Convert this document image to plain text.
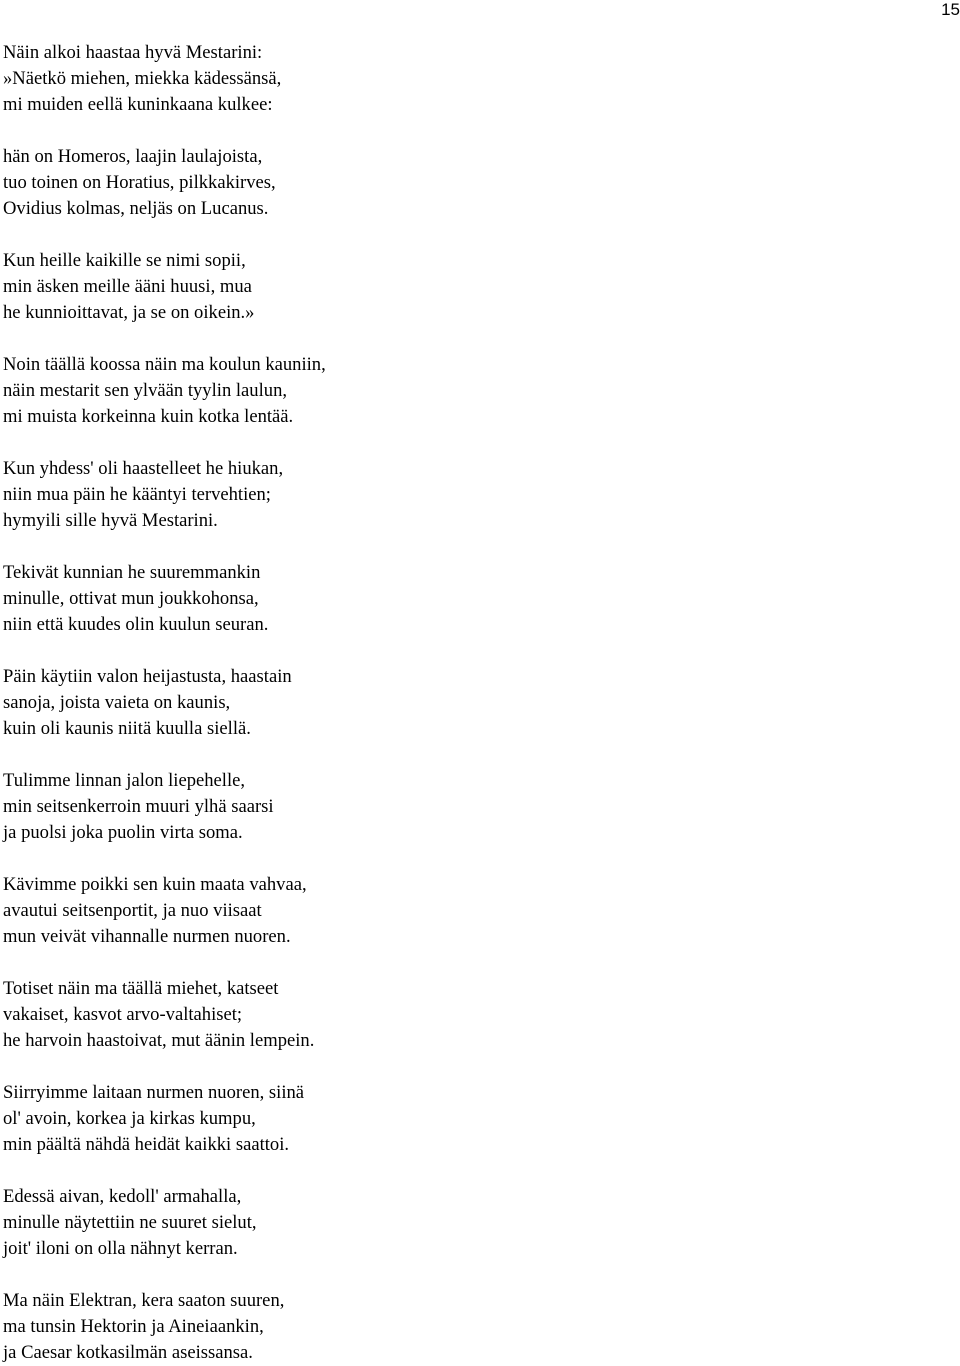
15
Näin alkoi haastaa hyvä Mestarini:
»Näetkö miehen, miekka kädessänsä,
mi muiden eellä kuninkaana kulkee:
hän on Homeros, laajin laulajoista,
tuo toinen on Horatius, pilkkakirves,
Ovidius kolmas, neljäs on Lucanus.
Kun heille kaikille se nimi sopii,
min äsken meille ääni huusi, mua
he kunnioittavat, ja se on oikein.»
Noin täällä koossa näin ma koulun kauniin,
näin mestarit sen ylvään tyylin laulun,
mi muista korkeinna kuin kotka lentää.
Kun yhdess' oli haastelleet he hiukan,
niin mua päin he kääntyi tervehtien;
hymyili sille hyvä Mestarini.
Tekivät kunnian he suuremmankin
minulle, ottivat mun joukkohonsa,
niin että kuudes olin kuulun seuran.
Päin käytiin valon heijastusta, haastain
sanoja, joista vaieta on kaunis,
kuin oli kaunis niitä kuulla siellä.
Tulimme linnan jalon liepehelle,
min seitsenkerroin muuri ylhä saarsi
ja puolsi joka puolin virta soma.
Kävimme poikki sen kuin maata vahvaa,
avautui seitsenportit, ja nuo viisaat
mun veivät vihannalle nurmen nuoren.
Totiset näin ma täällä miehet, katseet
vakaiset, kasvot arvo-valtahiset;
he harvoin haastoivat, mut äänin lempein.
Siirryimme laitaan nurmen nuoren, siinä
ol' avoin, korkea ja kirkas kumpu,
min päältä nähdä heidät kaikki saattoi.
Edessä aivan, kedoll' armahalla,
minulle näytettiin ne suuret sielut,
joit' iloni on olla nähnyt kerran.
Ma näin Elektran, kera saaton suuren,
ma tunsin Hektorin ja Aineiaankin,
ja Caesar kotkasilmän aseissansa.
